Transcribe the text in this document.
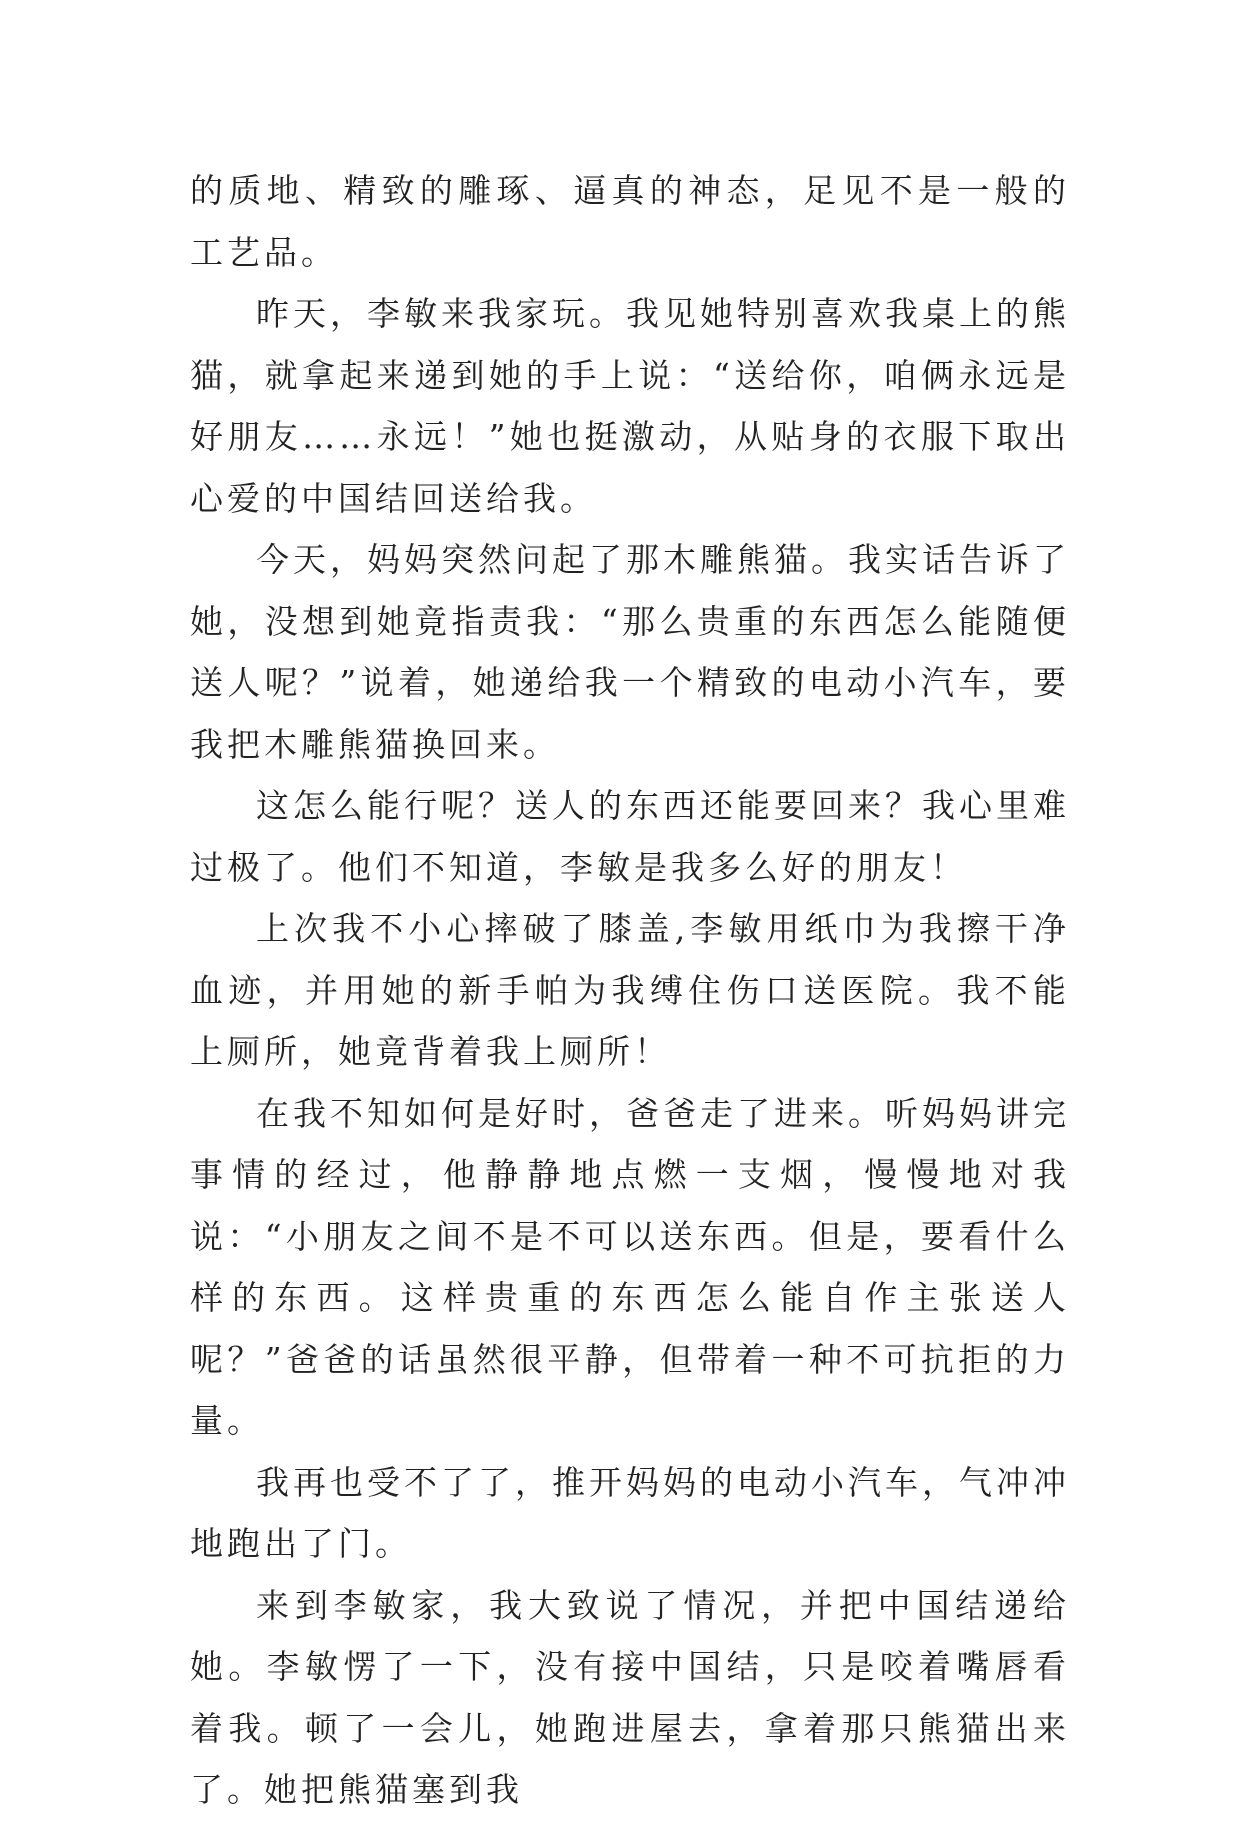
的质地、精致的雕琢、逼真的神态，足见不是一般的工艺品。

昨天，李敏来我家玩。我见她特别喜欢我桌上的熊猫，就拿起来递到她的手上说：“送给你，咱俩永远是好朋友……永远！”她也挺激动，从贴身的衣服下取出心爱的中国结回送给我。

今天，妈妈突然问起了那木雕熊猫。我实话告诉了她，没想到她竟指责我：“那么贵重的东西怎么能随便送人呢？”说着，她递给我一个精致的电动小汽车，要我把木雕熊猫换回来。

这怎么能行呢？送人的东西还能要回来？我心里难过极了。他们不知道，李敏是我多么好的朋友！

上次我不小心摔破了膝盖,李敏用纸巾为我擦干净血迹，并用她的新手帕为我缚住伤口送医院。我不能上厕所，她竟背着我上厕所！

在我不知如何是好时，爸爸走了进来。听妈妈讲完事情的经过，他静静地点燃一支烟，慢慢地对我说：“小朋友之间不是不可以送东西。但是，要看什么样的东西。这样贵重的东西怎么能自作主张送人呢？”爸爸的话虽然很平静，但带着一种不可抗拒的力量。

我再也受不了了，推开妈妈的电动小汽车，气冲冲地跑出了门。

来到李敏家，我大致说了情况，并把中国结递给她。李敏愣了一下，没有接中国结，只是咬着嘴唇看着我。顿了一会儿，她跑进屋去，拿着那只熊猫出来了。她把熊猫塞到我
